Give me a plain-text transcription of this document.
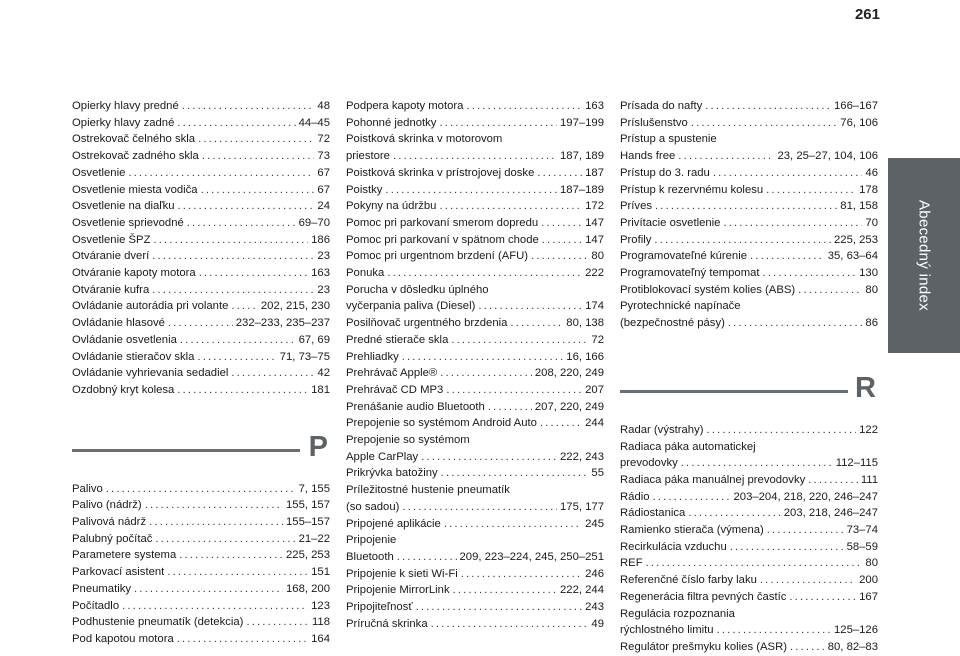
261
Abecedný index
Opierky hlavy predné . . .	48
Opierky hlavy zadné . . .	44–45
Ostrekovač čelného skla . . .	72
Ostrekovač zadného skla . . .	73
Osvetlenie . . .	67
Osvetlenie miesta vodiča . . .	67
Osvetlenie na diaľku . . .	24
Osvetlenie sprievodné . . .	69–70
Osvetlenie ŠPZ . . .	186
Otváranie dverí . . .	23
Otváranie kapoty motora . . .	163
Otváranie kufra . . .	23
Ovládanie autorádia pri volante . . .	202, 215, 230
Ovládanie hlasové . . .	232–233, 235–237
Ovládanie osvetlenia . . .	67, 69
Ovládanie stieračov skla . . .	71, 73–75
Ovládanie vyhrievania sedadiel . . .	42
Ozdobný kryt kolesa . . .	181
P
Palivo . . .	7, 155
Palivo (nádrž) . . .	155, 157
Palivová nádrž . . .	155–157
Palubný počítač . . .	21–22
Parametere systema . . .	225, 253
Parkovací asistent . . .	151
Pneumatiky . . .	168, 200
Počítadlo . . .	123
Podhustenie pneumatík (detekcia) . . .	118
Pod kapotou motora . . .	164
Podpera kapoty motora . . .	163
Pohonné jednotky . . .	197–199
Poistková skrinka v motorovom
priestore . . .	187, 189
Poistková skrinka v prístrojovej doske . . .	187
Poistky . . .	187–189
Pokyny na údržbu . . .	172
Pomoc pri parkovaní smerom dopredu . . .	147
Pomoc pri parkovaní v spätnom chode . . .	147
Pomoc pri urgentnom brzdení (AFU) . . .	80
Ponuka . . .	222
Porucha v dôsledku úplného
vyčerpania paliva (Diesel) . . .	174
Posilňovač urgentného brzdenia . . .	80, 138
Predné stierače skla . . .	72
Prehliadky . . .	16, 166
Prehrávač Apple® . . .	208, 220, 249
Prehrávač CD MP3 . . .	207
Prenášanie audio Bluetooth . . .	207, 220, 249
Prepojenie so systémom Android Auto . . .	244
Prepojenie so systémom
Apple CarPlay . . .	222, 243
Prikrývka batožiny . . .	55
Príležitostné hustenie pneumatík
(so sadou) . . .	175, 177
Pripojené aplikácie . . .	245
Pripojenie
Bluetooth . . .	209, 223–224, 245, 250–251
Pripojenie k sieti Wi-Fi . . .	246
Pripojenie MirrorLink . . .	222, 244
Pripojiteľnosť . . .	243
Príručná skrinka . . .	49
Prísada do nafty . . .	166–167
Príslušenstvo . . .	76, 106
Prístup a spustenie
Hands free . . .	23, 25–27, 104, 106
Prístup do 3. radu . . .	46
Prístup k rezervnému kolesu . . .	178
Príves . . .	81, 158
Privítacie osvetlenie . . .	70
Profily . . .	225, 253
Programovateľné kúrenie . . .	35, 63–64
Programovateľný tempomat . . .	130
Protiblokovací systém kolies (ABS) . . .	80
Pyrotechnické napínače
(bezpečnostné pásy) . . .	86
R
Radar (výstrahy) . . .	122
Radiaca páka automatickej
prevodovky . . .	112–115
Radiaca páka manuálnej prevodovky . . .	111
Rádio . . .	203–204, 218, 220, 246–247
Rádiostanica . . .	203, 218, 246–247
Ramienko stierača (výmena) . . .	73–74
Recirkulácia vzduchu . . .	58–59
REF . . .	80
Referenčné číslo farby laku . . .	200
Regenerácia filtra pevných častíc . . .	167
Regulácia rozpoznania
rýchlostného limitu . . .	125–126
Regulátor prešmyku kolies (ASR) . . .	80, 82–83
